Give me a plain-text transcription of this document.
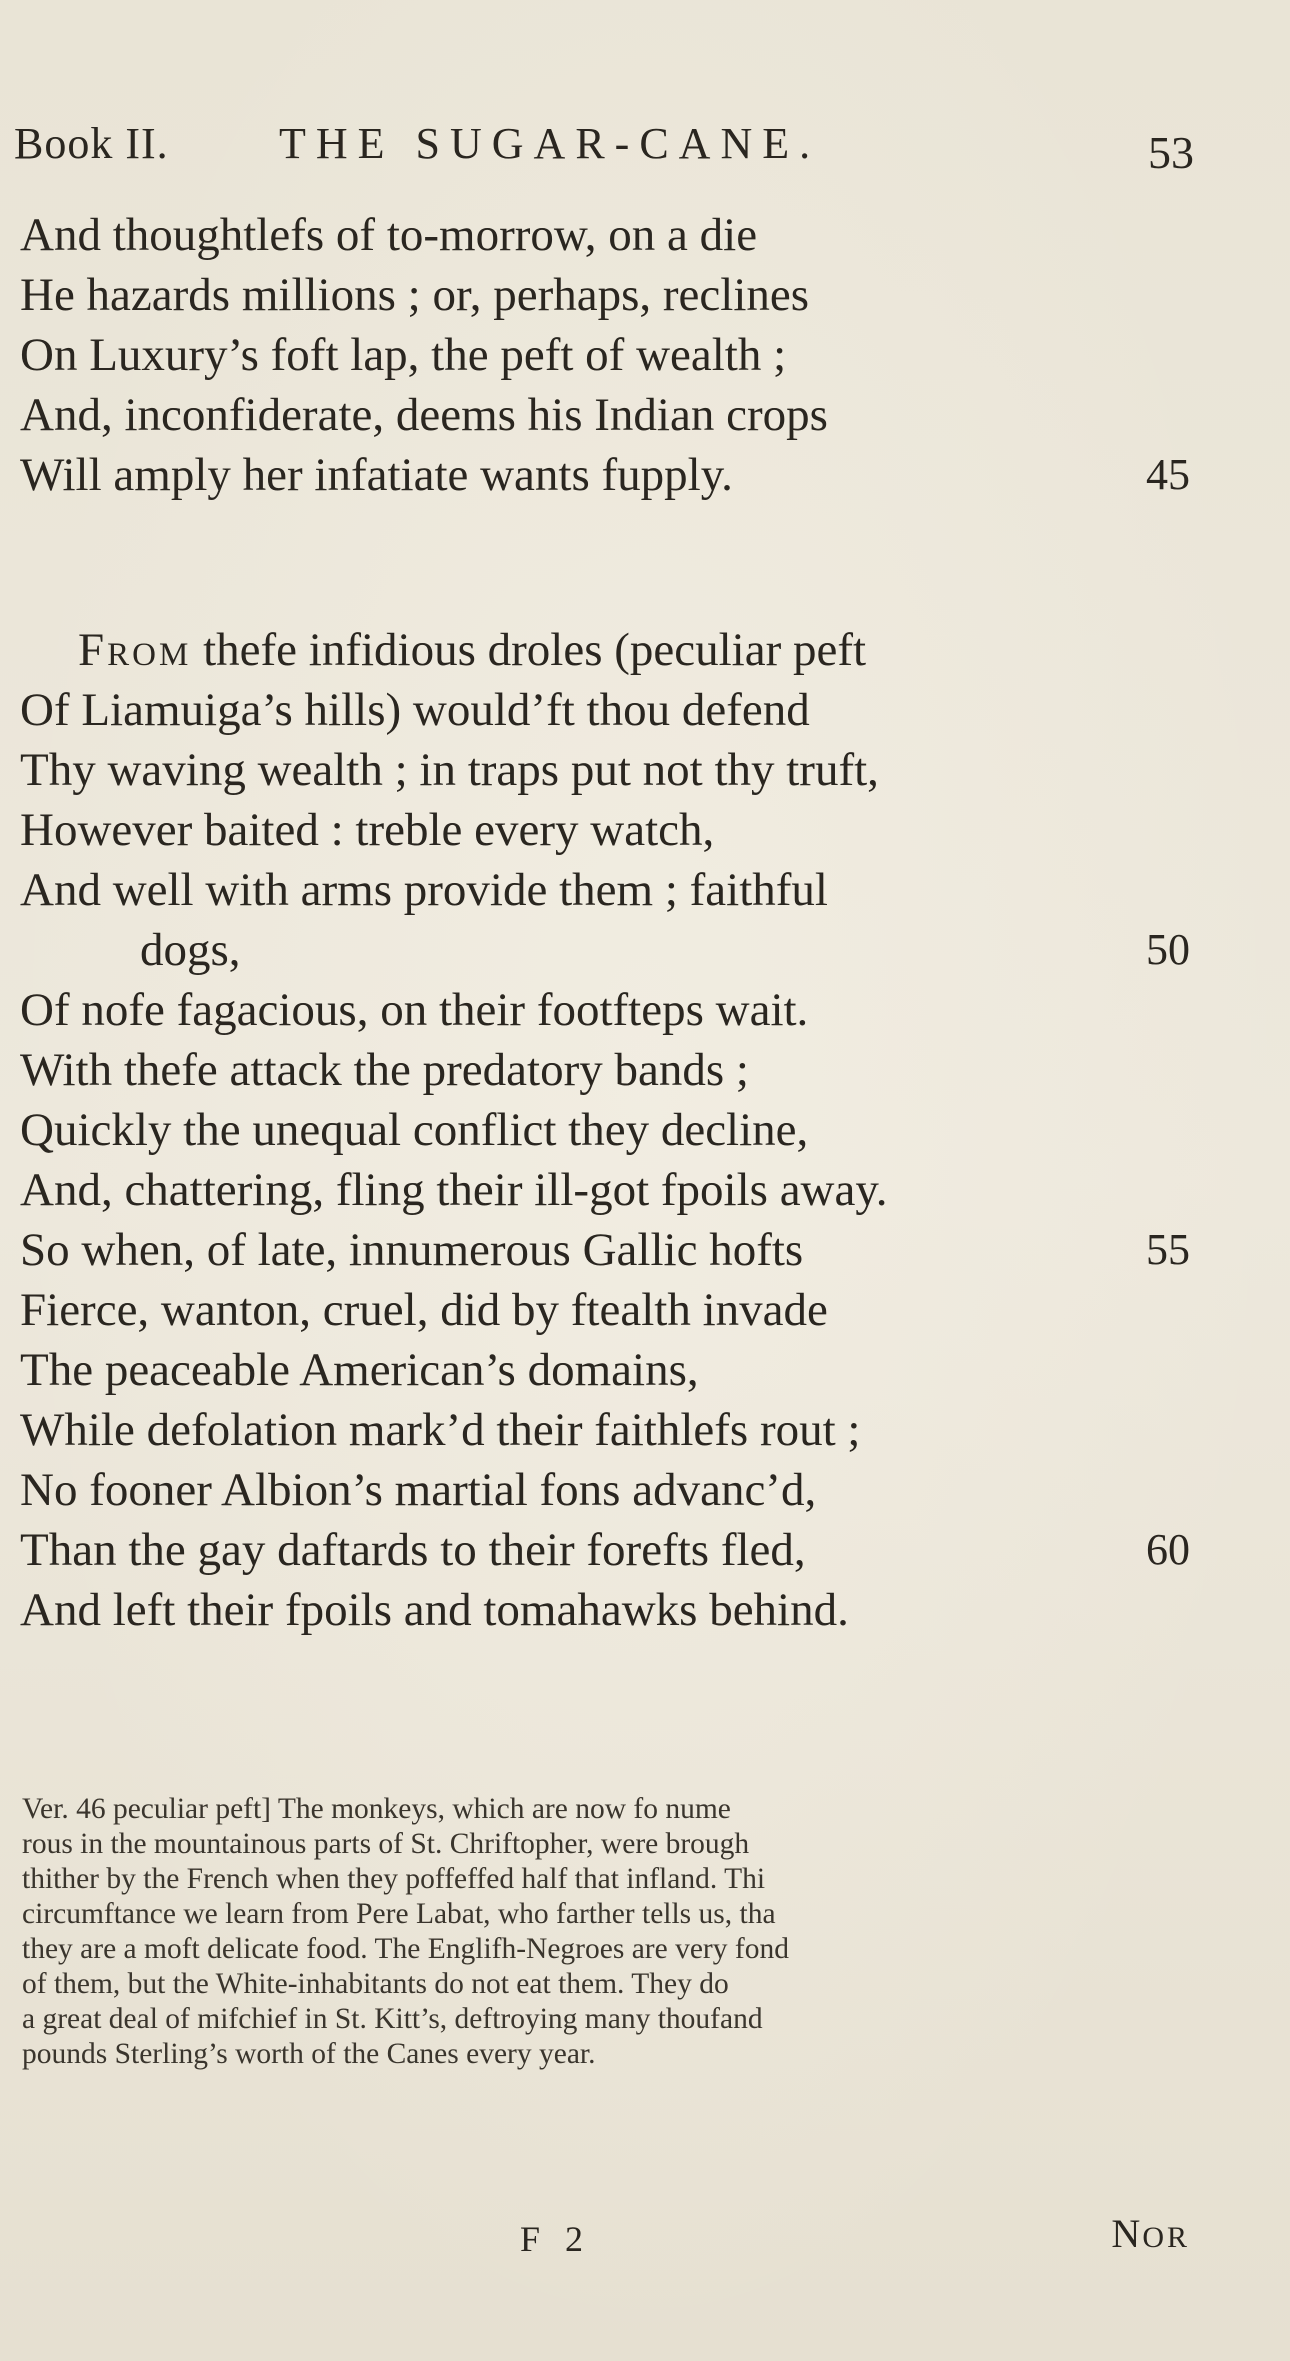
Book II.	THE SUGAR-CANE.	53
And thoughtlefs of to-morrow, on a die
He hazards millions ; or, perhaps, reclines
On Luxury’s foft lap, the peft of wealth ;
And, inconfiderate, deems his Indian crops
Will amply her infatiate wants fupply.	45
From thefe infidious droles (peculiar peft
Of Liamuiga’s hills) would’ft thou defend
Thy waving wealth ; in traps put not thy truft,
However baited : treble every watch,
And well with arms provide them ; faithful
dogs,	50
Of nofe fagacious, on their footfteps wait.
With thefe attack the predatory bands ;
Quickly the unequal conflict they decline,
And, chattering, fling their ill-got fpoils away.
So when, of late, innumerous Gallic hofts	55
Fierce, wanton, cruel, did by ftealth invade
The peaceable American’s domains,
While defolation mark’d their faithlefs rout ;
No fooner Albion’s martial fons advanc’d,
Than the gay daftards to their forefts fled,	60
And left their fpoils and tomahawks behind.
Ver. 46 peculiar peft] The monkeys, which are now fo nume
rous in the mountainous parts of St. Chriftopher, were brough
thither by the French when they poffeffed half that infland. Thi
circumftance we learn from Pere Labat, who farther tells us, tha
they are a moft delicate food. The Englifh-Negroes are very fond
of them, but the White-inhabitants do not eat them. They do
a great deal of mifchief in St. Kitt’s, deftroying many thoufand
pounds Sterling’s worth of the Canes every year.
F 2	NOR
